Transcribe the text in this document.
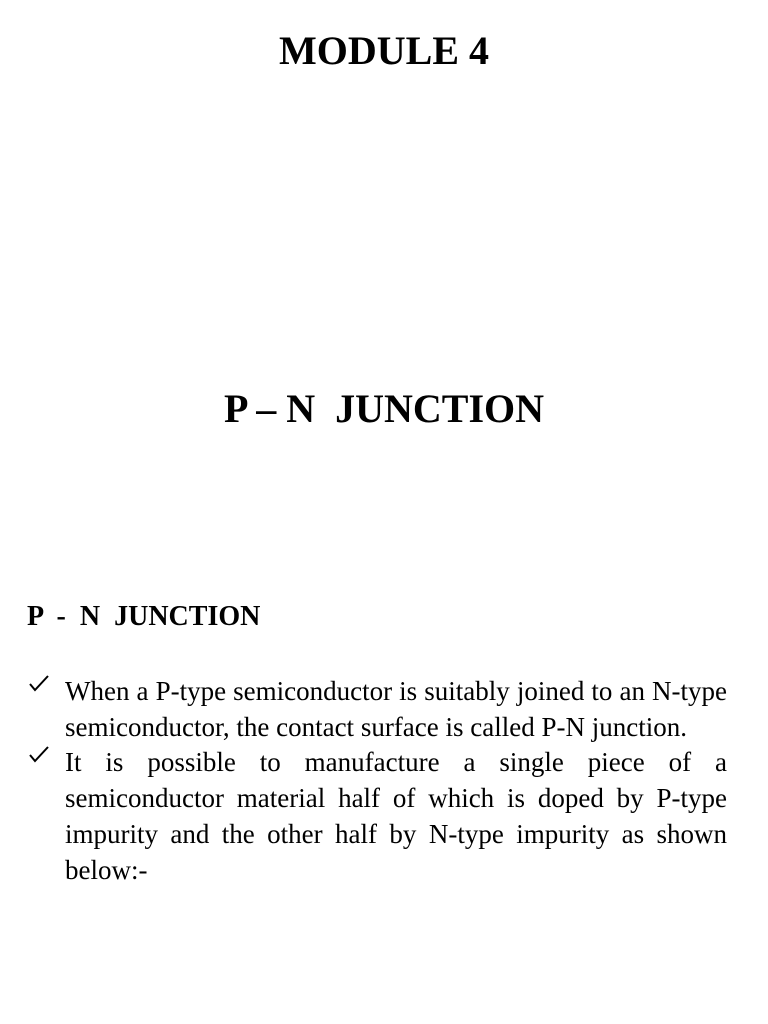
MODULE 4
P – N  JUNCTION
P  -  N  JUNCTION
When a P-type semiconductor is suitably joined to an N-type semiconductor, the contact surface is called P-N junction.
It is possible to manufacture a single piece of a semiconductor material half of which is doped by P-type impurity and the other half by N-type impurity as shown below:-
